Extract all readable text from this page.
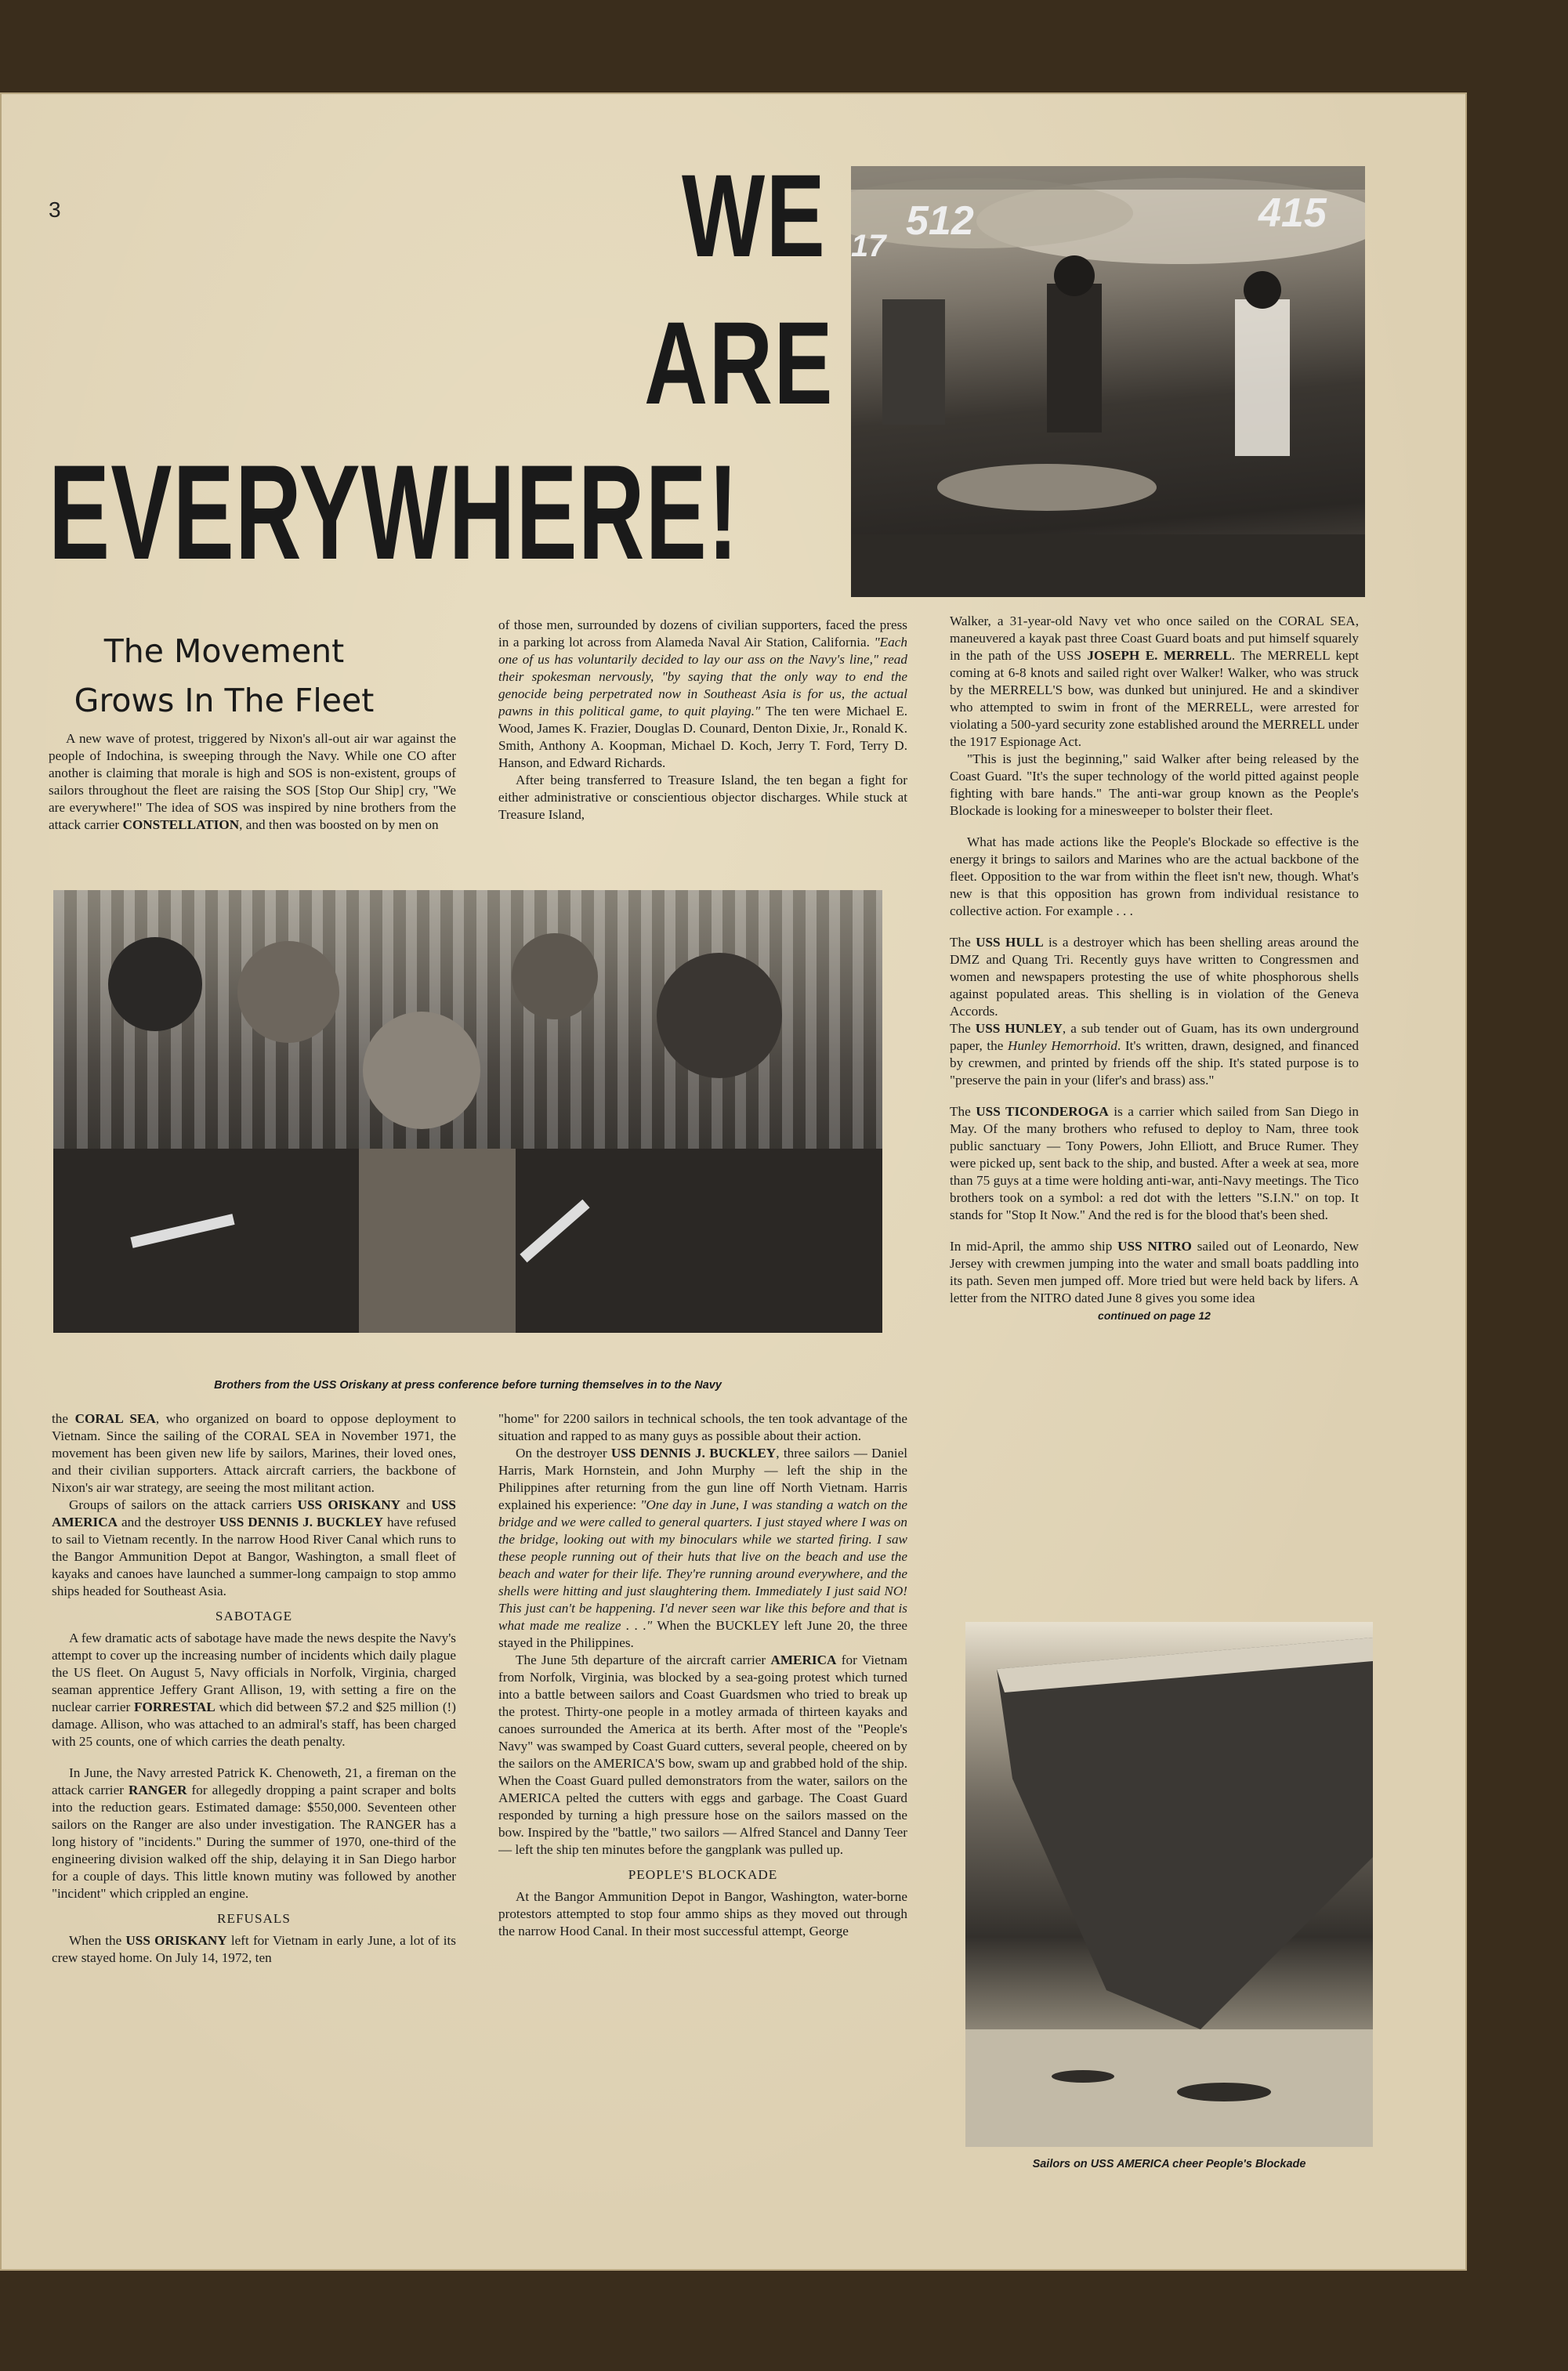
3	WE
ARE
EVERYWHERE!
512	415
17
The Movement
Grows In The Fleet

A new wave of protest, triggered by Nixon's all-out air war against the people of Indochina, is sweeping through the Navy. While one CO after another is claiming that morale is high and SOS is non-existent, groups of sailors throughout the fleet are raising the SOS [Stop Our Ship] cry, "We are everywhere!" The idea of SOS was inspired by nine brothers from the attack carrier CONSTELLATION, and then was boosted on by men on

of those men, surrounded by dozens of civilian supporters, faced the press in a parking lot across from Alameda Naval Air Station, California. "Each one of us has voluntarily decided to lay our ass on the Navy's line," read their spokesman nervously, "by saying that the only way to end the genocide being perpetrated now in Southeast Asia is for us, the actual pawns in this political game, to quit playing." The ten were Michael E. Wood, James K. Frazier, Douglas D. Counard, Denton Dixie, Jr., Ronald K. Smith, Anthony A. Koopman, Michael D. Koch, Jerry T. Ford, Terry D. Hanson, and Edward Richards.

After being transferred to Treasure Island, the ten began a fight for either administrative or conscientious objector discharges. While stuck at Treasure Island,

Walker, a 31-year-old Navy vet who once sailed on the CORAL SEA, maneuvered a kayak past three Coast Guard boats and put himself squarely in the path of the USS JOSEPH E. MERRELL. The MERRELL kept coming at 6-8 knots and sailed right over Walker! Walker, who was struck by the MERRELL'S bow, was dunked but uninjured. He and a skindiver who attempted to swim in front of the MERRELL, were arrested for violating a 500-yard security zone established around the MERRELL under the 1917 Espionage Act.

"This is just the beginning," said Walker after being released by the Coast Guard. "It's the super technology of the world pitted against people fighting with bare hands." The anti-war group known as the People's Blockade is looking for a minesweeper to bolster their fleet.

What has made actions like the People's Blockade so effective is the energy it brings to sailors and Marines who are the actual backbone of the fleet. Opposition to the war from within the fleet isn't new, though. What's new is that this opposition has grown from individual resistance to collective action. For example . . .

The USS HULL is a destroyer which has been shelling areas around the DMZ and Quang Tri. Recently guys have written to Congressmen and women and newspapers protesting the use of white phosphorous shells against populated areas. This shelling is in violation of the Geneva Accords.

The USS HUNLEY, a sub tender out of Guam, has its own underground paper, the Hunley Hemorrhoid. It's written, drawn, designed, and financed by crewmen, and printed by friends off the ship. It's stated purpose is to "preserve the pain in your (lifer's and brass) ass."

The USS TICONDEROGA is a carrier which sailed from San Diego in May. Of the many brothers who refused to deploy to Nam, three took public sanctuary — Tony Powers, John Elliott, and Bruce Rumer. They were picked up, sent back to the ship, and busted. After a week at sea, more than 75 guys at a time were holding anti-war, anti-Navy meetings. The Tico brothers took on a symbol: a red dot with the letters "S.I.N." on top. It stands for "Stop It Now." And the red is for the blood that's been shed.

In mid-April, the ammo ship USS NITRO sailed out of Leonardo, New Jersey with crewmen jumping into the water and small boats paddling into its path. Seven men jumped off. More tried but were held back by lifers. A letter from the NITRO dated June 8 gives you some idea

continued on page 12

Brothers from the USS Oriskany at press conference before turning themselves in to the Navy

the CORAL SEA, who organized on board to oppose deployment to Vietnam. Since the sailing of the CORAL SEA in November 1971, the movement has been given new life by sailors, Marines, their loved ones, and their civilian supporters. Attack aircraft carriers, the backbone of Nixon's air war strategy, are seeing the most militant action.

Groups of sailors on the attack carriers USS ORISKANY and USS AMERICA and the destroyer USS DENNIS J. BUCKLEY have refused to sail to Vietnam recently. In the narrow Hood River Canal which runs to the Bangor Ammunition Depot at Bangor, Washington, a small fleet of kayaks and canoes have launched a summer-long campaign to stop ammo ships headed for Southeast Asia.

SABOTAGE

A few dramatic acts of sabotage have made the news despite the Navy's attempt to cover up the increasing number of incidents which daily plague the US fleet. On August 5, Navy officials in Norfolk, Virginia, charged seaman apprentice Jeffery Grant Allison, 19, with setting a fire on the nuclear carrier FORRESTAL which did between $7.2 and $25 million (!) damage. Allison, who was attached to an admiral's staff, has been charged with 25 counts, one of which carries the death penalty.

In June, the Navy arrested Patrick K. Chenoweth, 21, a fireman on the attack carrier RANGER for allegedly dropping a paint scraper and bolts into the reduction gears. Estimated damage: $550,000. Seventeen other sailors on the Ranger are also under investigation. The RANGER has a long history of "incidents." During the summer of 1970, one-third of the engineering division walked off the ship, delaying it in San Diego harbor for a couple of days. This little known mutiny was followed by another "incident" which crippled an engine.

REFUSALS

When the USS ORISKANY left for Vietnam in early June, a lot of its crew stayed home. On July 14, 1972, ten

"home" for 2200 sailors in technical schools, the ten took advantage of the situation and rapped to as many guys as possible about their action.

On the destroyer USS DENNIS J. BUCKLEY, three sailors — Daniel Harris, Mark Hornstein, and John Murphy — left the ship in the Philippines after returning from the gun line off North Vietnam. Harris explained his experience: "One day in June, I was standing a watch on the bridge and we were called to general quarters. I just stayed where I was on the bridge, looking out with my binoculars while we started firing. I saw these people running out of their huts that live on the beach and use the beach and water for their life. They're running around everywhere, and the shells were hitting and just slaughtering them. Immediately I just said NO! This just can't be happening. I'd never seen war like this before and that is what made me realize . . ." When the BUCKLEY left June 20, the three stayed in the Philippines.

The June 5th departure of the aircraft carrier AMERICA for Vietnam from Norfolk, Virginia, was blocked by a sea-going protest which turned into a battle between sailors and Coast Guardsmen who tried to break up the protest. Thirty-one people in a motley armada of thirteen kayaks and canoes surrounded the America at its berth. After most of the "People's Navy" was swamped by Coast Guard cutters, several people, cheered on by the sailors on the AMERICA'S bow, swam up and grabbed hold of the ship. When the Coast Guard pulled demonstrators from the water, sailors on the AMERICA pelted the cutters with eggs and garbage. The Coast Guard responded by turning a high pressure hose on the sailors massed on the bow. Inspired by the "battle," two sailors — Alfred Stancel and Danny Teer — left the ship ten minutes before the gangplank was pulled up.

PEOPLE'S BLOCKADE

At the Bangor Ammunition Depot in Bangor, Washington, water-borne protestors attempted to stop four ammo ships as they moved out through the narrow Hood Canal. In their most successful attempt, George

Sailors on USS AMERICA cheer People's Blockade
